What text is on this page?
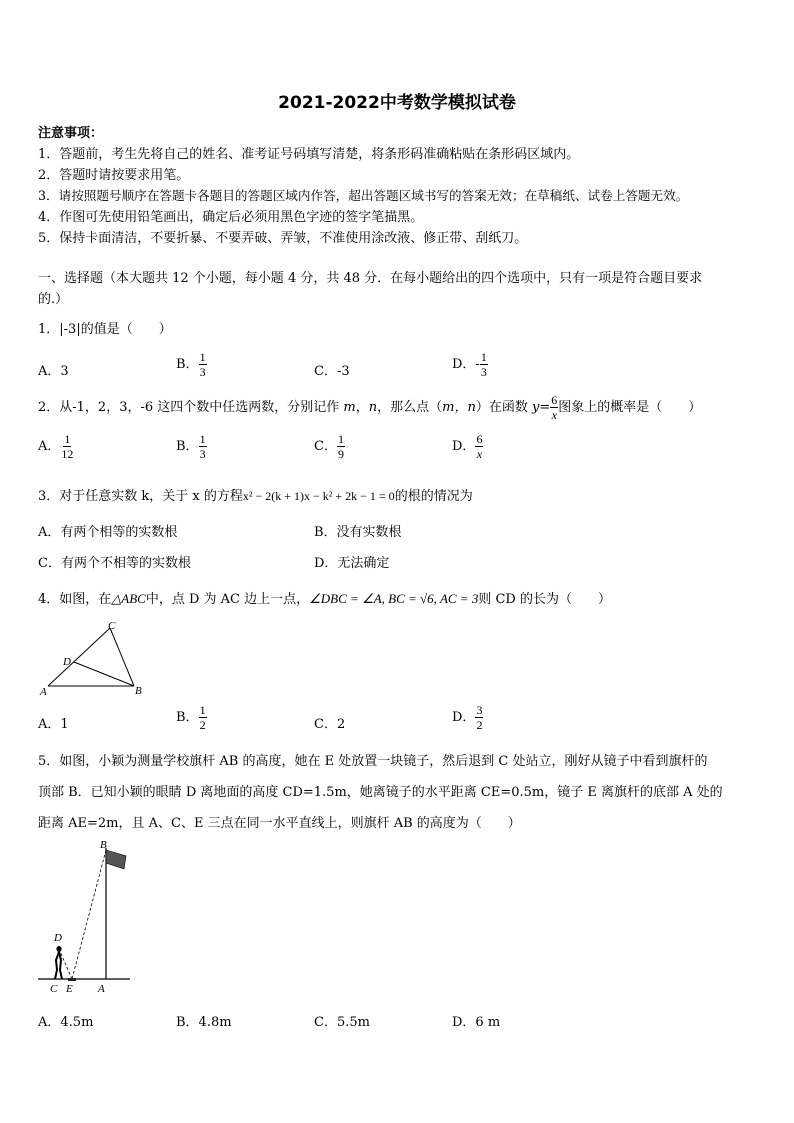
2021-2022中考数学模拟试卷
注意事项：
1．答题前，考生先将自己的姓名、准考证号码填写清楚，将条形码准确粘贴在条形码区域内。
2．答题时请按要求用笔。
3．请按照题号顺序在答题卡各题目的答题区域内作答，超出答题区域书写的答案无效；在草稿纸、试卷上答题无效。
4．作图可先使用铅笔画出，确定后必须用黑色字迹的签字笔描黑。
5．保持卡面清洁，不要折暴、不要弄破、弄皱，不准使用涂改液、修正带、刮纸刀。
一、选择题（本大题共 12 个小题，每小题 4 分，共 48 分．在每小题给出的四个选项中，只有一项是符合题目要求
的.）
1．|-3|的值是（　　）
A．3	B． $\frac{1}{3}$	C．-3	D．- $\frac{1}{3}$
2．从-1，2，3，-6 这四个数中任选两数，分别记作 m，n，那么点（m，n）在函数 $y= \frac{6}{x}$ 图象上的概率是（　　）
A． $\frac{1}{12}$	B． $\frac{1}{3}$	C． $\frac{1}{9}$	D． $\frac{6}{x}$
3．对于任意实数 k，关于 x 的方程x² − 2(k + 1)x − k² + 2k − 1 = 0的根的情况为
A．有两个相等的实数根	B．没有实数根
C．有两个不相等的实数根	D．无法确定
4．如图，在△ABC中，点 D 为 AC 边上一点，∠DBC = ∠A, BC = √6, AC = 3则 CD 的长为（　　）
C
D
A	B
A．1	B． $\frac{1}{2}$	C．2	D． $\frac{3}{2}$
5．如图，小颖为测量学校旗杆 AB 的高度，她在 E 处放置一块镜子，然后退到 C 处站立，刚好从镜子中看到旗杆的
顶部 B．已知小颖的眼睛 D 离地面的高度 CD=1.5m，她离镜子的水平距离 CE=0.5m，镜子 E 离旗杆的底部 A 处的
距离 AE=2m，且 A、C、E 三点在同一水平直线上，则旗杆 AB 的高度为（　　）
B
D
C E A
A．4.5m	B．4.8m	C．5.5m	D．6 m
